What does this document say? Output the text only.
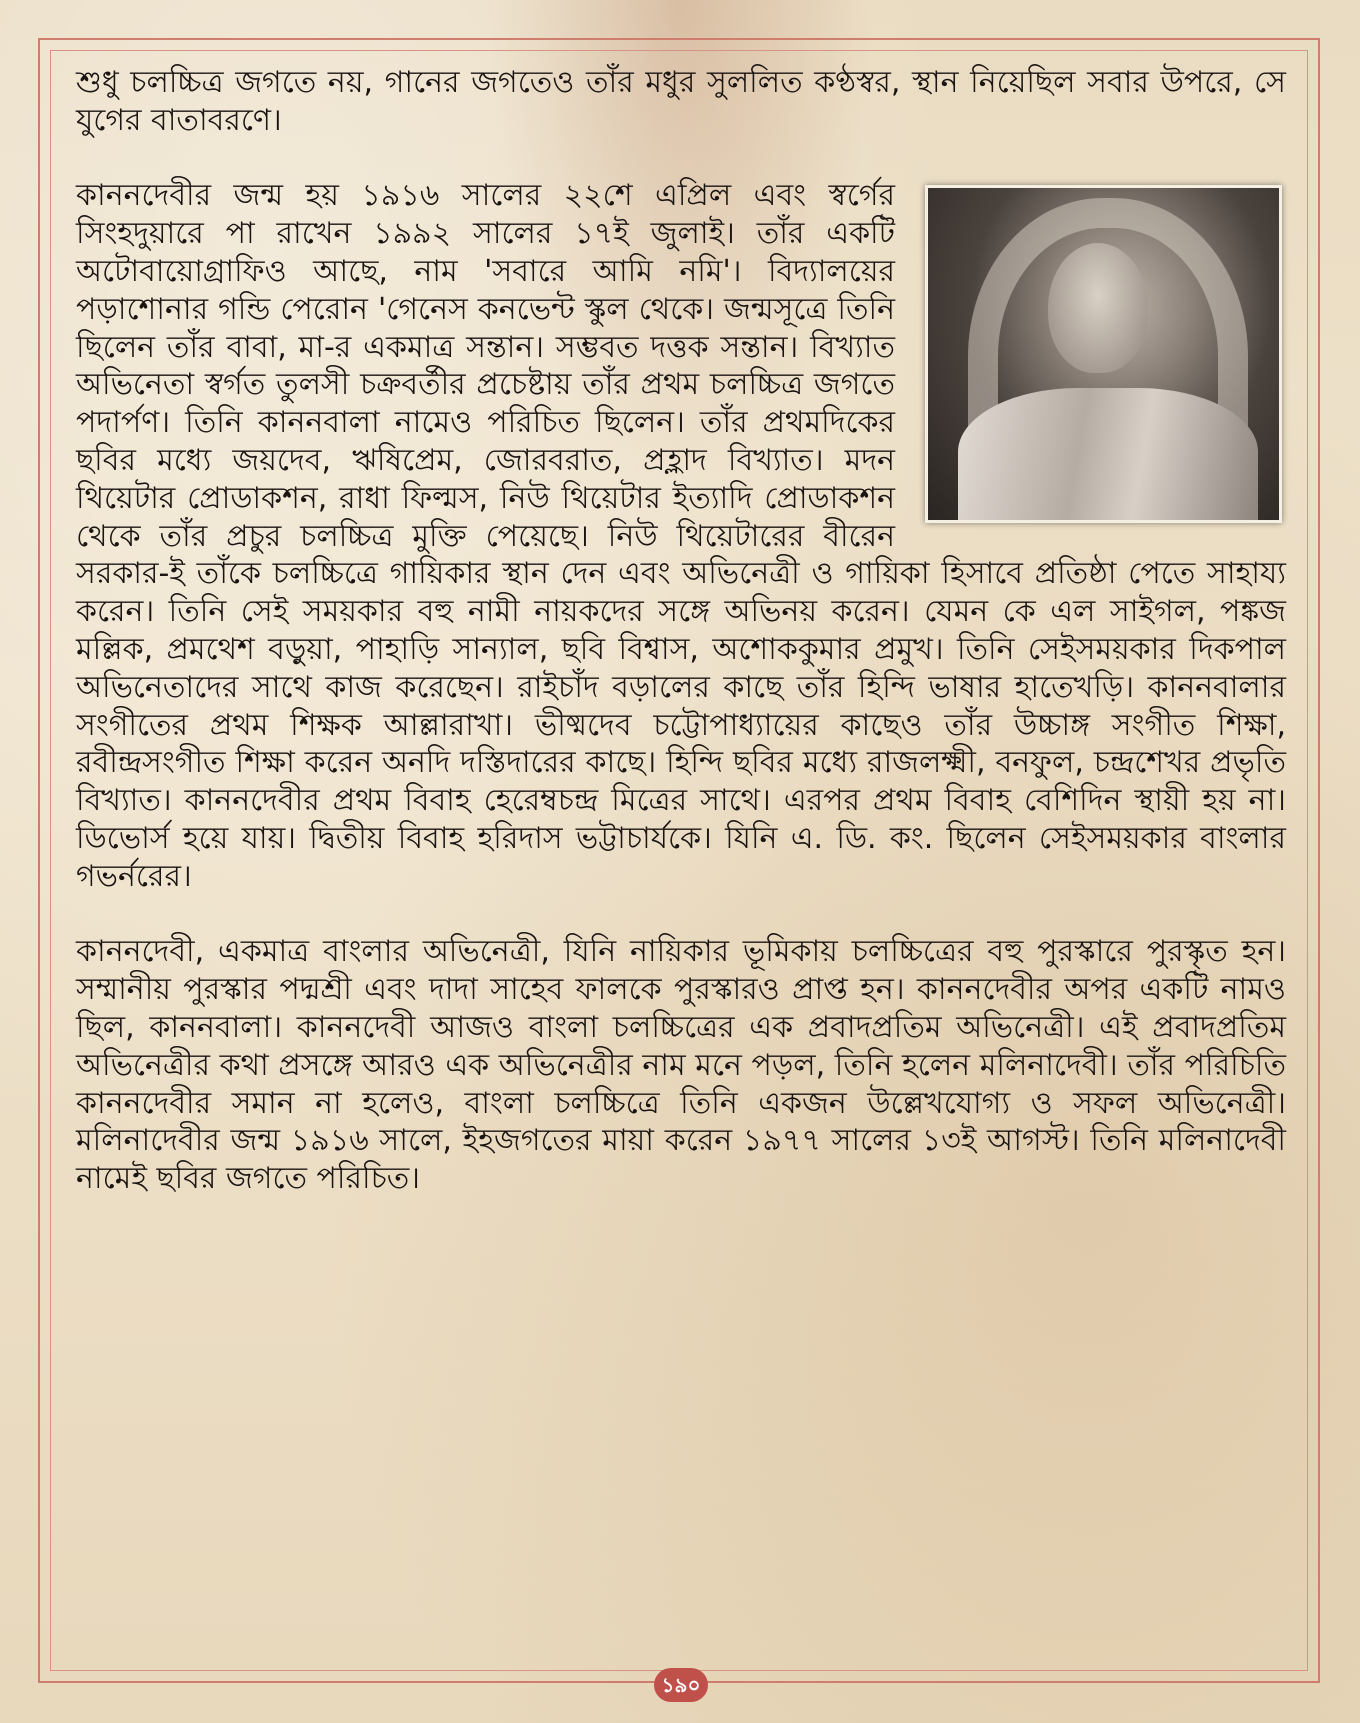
শুধু চলচ্চিত্র জগতে নয়, গানের জগতেও তাঁর মধুর সুললিত কণ্ঠস্বর, স্থান নিয়েছিল সবার উপরে, সে যুগের বাতাবরণে।

কাননদেবীর জন্ম হয় ১৯১৬ সালের ২২শে এপ্রিল এবং স্বর্গের সিংহদুয়ারে পা রাখেন ১৯৯২ সালের ১৭ই জুলাই। তাঁর একটি অটোবায়োগ্রাফিও আছে, নাম 'সবারে আমি নমি'। বিদ্যালয়ের পড়াশোনার গন্ডি পেরোন 'গেনেস কনভেন্ট স্কুল থেকে। জন্মসূত্রে তিনি ছিলেন তাঁর বাবা, মা-র একমাত্র সন্তান। সম্ভবত দত্তক সন্তান। বিখ্যাত অভিনেতা স্বর্গত তুলসী চক্রবর্তীর প্রচেষ্টায় তাঁর প্রথম চলচ্চিত্র জগতে পদার্পণ। তিনি কাননবালা নামেও পরিচিত ছিলেন। তাঁর প্রথমদিকের ছবির মধ্যে জয়দেব, ঋষিপ্রেম, জোরবরাত, প্রহ্লাদ বিখ্যাত। মদন থিয়েটার প্রোডাকশন, রাধা ফিল্মস, নিউ থিয়েটার ইত্যাদি প্রোডাকশন থেকে তাঁর প্রচুর চলচ্চিত্র মুক্তি পেয়েছে। নিউ থিয়েটারের বীরেন সরকার-ই তাঁকে চলচ্চিত্রে গায়িকার স্থান দেন এবং অভিনেত্রী ও গায়িকা হিসাবে প্রতিষ্ঠা পেতে সাহায্য করেন। তিনি সেই সময়কার বহু নামী নায়কদের সঙ্গে অভিনয় করেন। যেমন কে এল সাইগল, পঙ্কজ মল্লিক, প্রমথেশ বড়ুয়া, পাহাড়ি সান্যাল, ছবি বিশ্বাস, অশোককুমার প্রমুখ। তিনি সেইসময়কার দিকপাল অভিনেতাদের সাথে কাজ করেছেন। রাইচাঁদ বড়ালের কাছে তাঁর হিন্দি ভাষার হাতেখড়ি। কাননবালার সংগীতের প্রথম শিক্ষক আল্লারাখা। ভীষ্মদেব চট্টোপাধ্যায়ের কাছেও তাঁর উচ্চাঙ্গ সংগীত শিক্ষা, রবীন্দ্রসংগীত শিক্ষা করেন অনদি দস্তিদারের কাছে। হিন্দি ছবির মধ্যে রাজলক্ষ্মী, বনফুল, চন্দ্রশেখর প্রভৃতি বিখ্যাত। কাননদেবীর প্রথম বিবাহ হেরেম্বচন্দ্র মিত্রের সাথে। এরপর প্রথম বিবাহ বেশিদিন স্থায়ী হয় না। ডিভোর্স হয়ে যায়। দ্বিতীয় বিবাহ হরিদাস ভট্টাচার্যকে। যিনি এ. ডি. কং. ছিলেন সেইসময়কার বাংলার গভর্নরের।

কাননদেবী, একমাত্র বাংলার অভিনেত্রী, যিনি নায়িকার ভূমিকায় চলচ্চিত্রের বহু পুরস্কারে পুরস্কৃত হন। সম্মানীয় পুরস্কার পদ্মশ্রী এবং দাদা সাহেব ফালকে পুরস্কারও প্রাপ্ত হন। কাননদেবীর অপর একটি নামও ছিল, কাননবালা। কাননদেবী আজও বাংলা চলচ্চিত্রের এক প্রবাদপ্রতিম অভিনেত্রী। এই প্রবাদপ্রতিম অভিনেত্রীর কথা প্রসঙ্গে আরও এক অভিনেত্রীর নাম মনে পড়ল, তিনি হলেন মলিনাদেবী। তাঁর পরিচিতি কাননদেবীর সমান না হলেও, বাংলা চলচ্চিত্রে তিনি একজন উল্লেখযোগ্য ও সফল অভিনেত্রী। মলিনাদেবীর জন্ম ১৯১৬ সালে, ইহজগতের মায়া করেন ১৯৭৭ সালের ১৩ই আগস্ট। তিনি মলিনাদেবী নামেই ছবির জগতে পরিচিত।

১৯০
